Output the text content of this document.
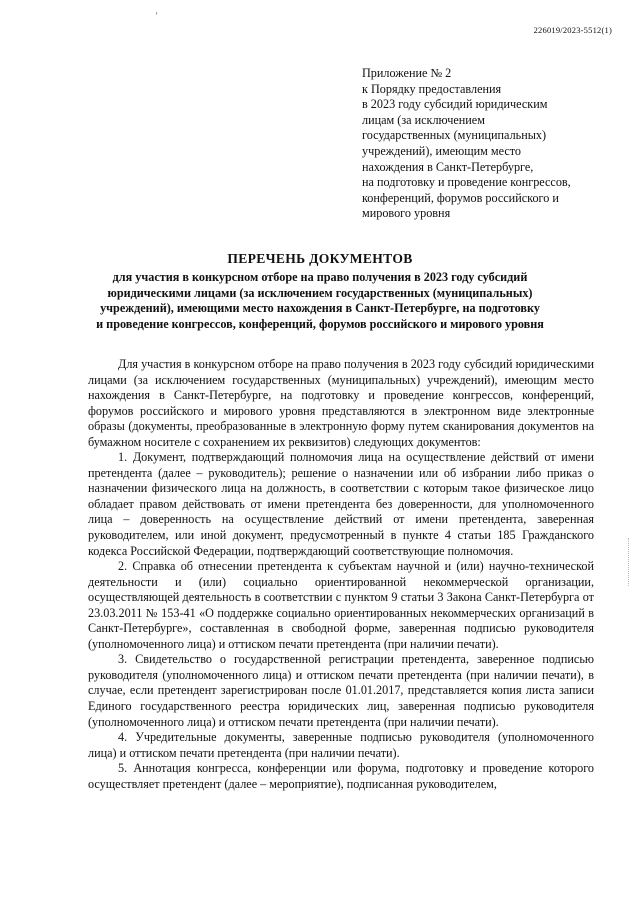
226019/2023-5512(1)
'
Приложение № 2
к Порядку предоставления
в 2023 году субсидий юридическим
лицам (за исключением
государственных (муниципальных)
учреждений), имеющим место
нахождения в Санкт-Петербурге,
на подготовку и проведение конгрессов,
конференций, форумов российского и
мирового уровня
ПЕРЕЧЕНЬ ДОКУМЕНТОВ
для участия в конкурсном отборе на право получения в 2023 году субсидий
юридическими лицами (за исключением государственных (муниципальных)
учреждений), имеющими место нахождения в Санкт-Петербурге, на подготовку
и проведение конгрессов, конференций, форумов российского и мирового уровня

Для участия в конкурсном отборе на право получения в 2023 году субсидий юридическими лицами (за исключением государственных (муниципальных) учреждений), имеющим место нахождения в Санкт-Петербурге, на подготовку и проведение конгрессов, конференций, форумов российского и мирового уровня представляются в электронном виде электронные образы (документы, преобразованные в электронную форму путем сканирования документов на бумажном носителе с сохранением их реквизитов) следующих документов:

1. Документ, подтверждающий полномочия лица на осуществление действий от имени претендента (далее – руководитель); решение о назначении или об избрании либо приказ о назначении физического лица на должность, в соответствии с которым такое физическое лицо обладает правом действовать от имени претендента без доверенности, для уполномоченного лица – доверенность на осуществление действий от имени претендента, заверенная руководителем, или иной документ, предусмотренный в пункте 4 статьи 185 Гражданского кодекса Российской Федерации, подтверждающий соответствующие полномочия.

2. Справка об отнесении претендента к субъектам научной и (или) научно-технической деятельности и (или) социально ориентированной некоммерческой организации, осуществляющей деятельность в соответствии с пунктом 9 статьи 3 Закона Санкт-Петербурга от 23.03.2011 № 153-41 «О поддержке социально ориентированных некоммерческих организаций в Санкт-Петербурге», составленная в свободной форме, заверенная подписью руководителя (уполномоченного лица) и оттиском печати претендента (при наличии печати).

3. Свидетельство о государственной регистрации претендента, заверенное подписью руководителя (уполномоченного лица) и оттиском печати претендента (при наличии печати), в случае, если претендент зарегистрирован после 01.01.2017, представляется копия листа записи Единого государственного реестра юридических лиц, заверенная подписью руководителя (уполномоченного лица) и оттиском печати претендента (при наличии печати).

4. Учредительные документы, заверенные подписью руководителя (уполномоченного лица) и оттиском печати претендента (при наличии печати).

5. Аннотация конгресса, конференции или форума, подготовку и проведение которого осуществляет претендент (далее – мероприятие), подписанная руководителем,
